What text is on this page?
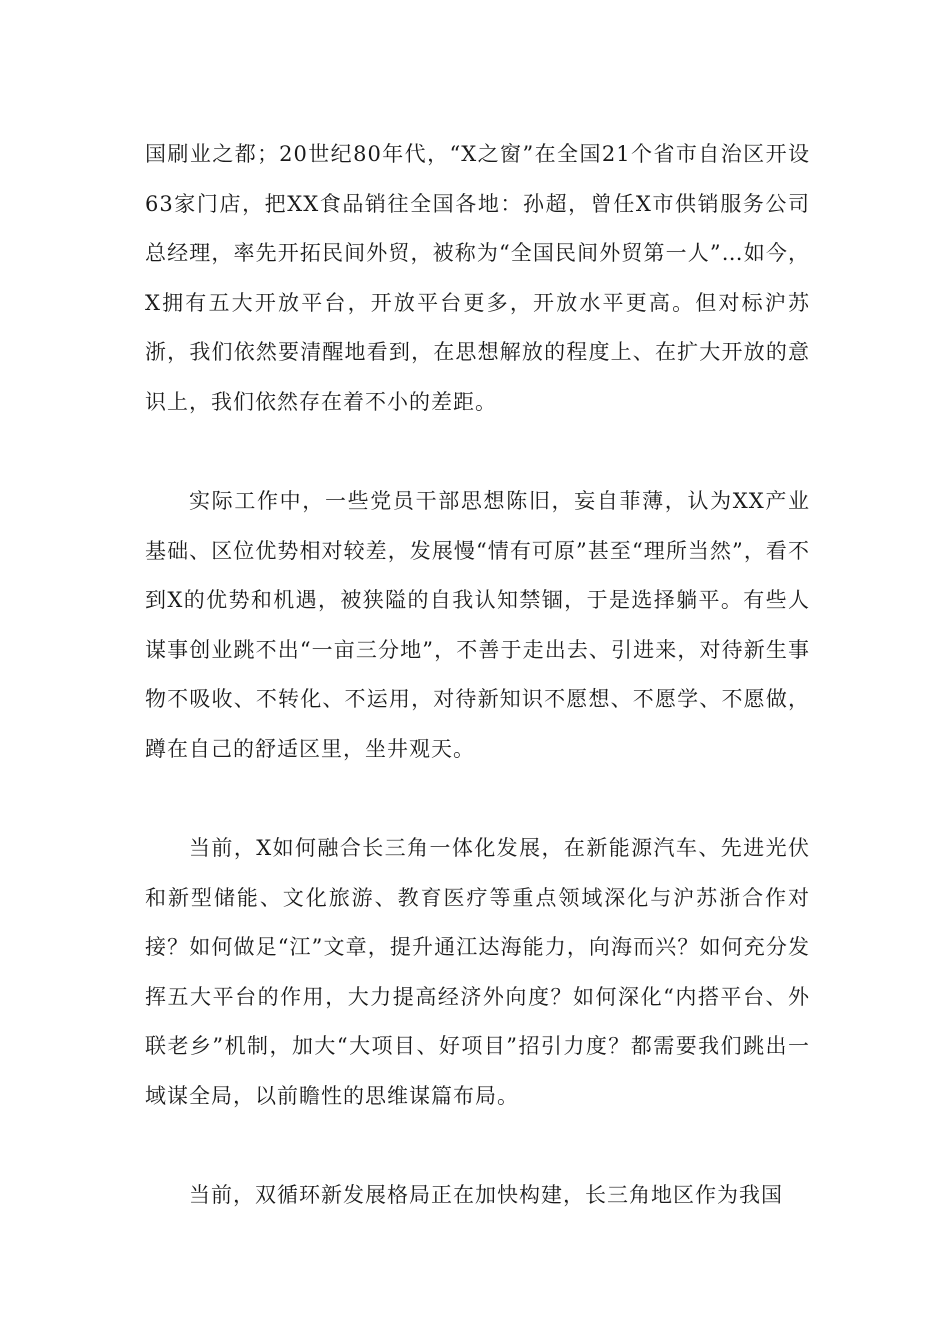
国刷业之都；20世纪80年代，“X之窗”在全国21个省市自治区开设63家门店，把XX食品销往全国各地：孙超，曾任X市供销服务公司总经理，率先开拓民间外贸，被称为“全国民间外贸第一人”…如今，X拥有五大开放平台，开放平台更多，开放水平更高。但对标沪苏浙，我们依然要清醒地看到，在思想解放的程度上、在扩大开放的意识上，我们依然存在着不小的差距。

实际工作中，一些党员干部思想陈旧，妄自菲薄，认为XX产业基础、区位优势相对较差，发展慢“情有可原”甚至“理所当然”，看不到X的优势和机遇，被狭隘的自我认知禁锢，于是选择躺平。有些人谋事创业跳不出“一亩三分地”，不善于走出去、引进来，对待新生事物不吸收、不转化、不运用，对待新知识不愿想、不愿学、不愿做，蹲在自己的舒适区里，坐井观天。

当前，X如何融合长三角一体化发展，在新能源汽车、先进光伏和新型储能、文化旅游、教育医疗等重点领域深化与沪苏浙合作对接？如何做足“江”文章，提升通江达海能力，向海而兴？如何充分发挥五大平台的作用，大力提高经济外向度？如何深化“内搭平台、外联老乡”机制，加大“大项目、好项目”招引力度？都需要我们跳出一域谋全局，以前瞻性的思维谋篇布局。

当前，双循环新发展格局正在加快构建，长三角地区作为我国
